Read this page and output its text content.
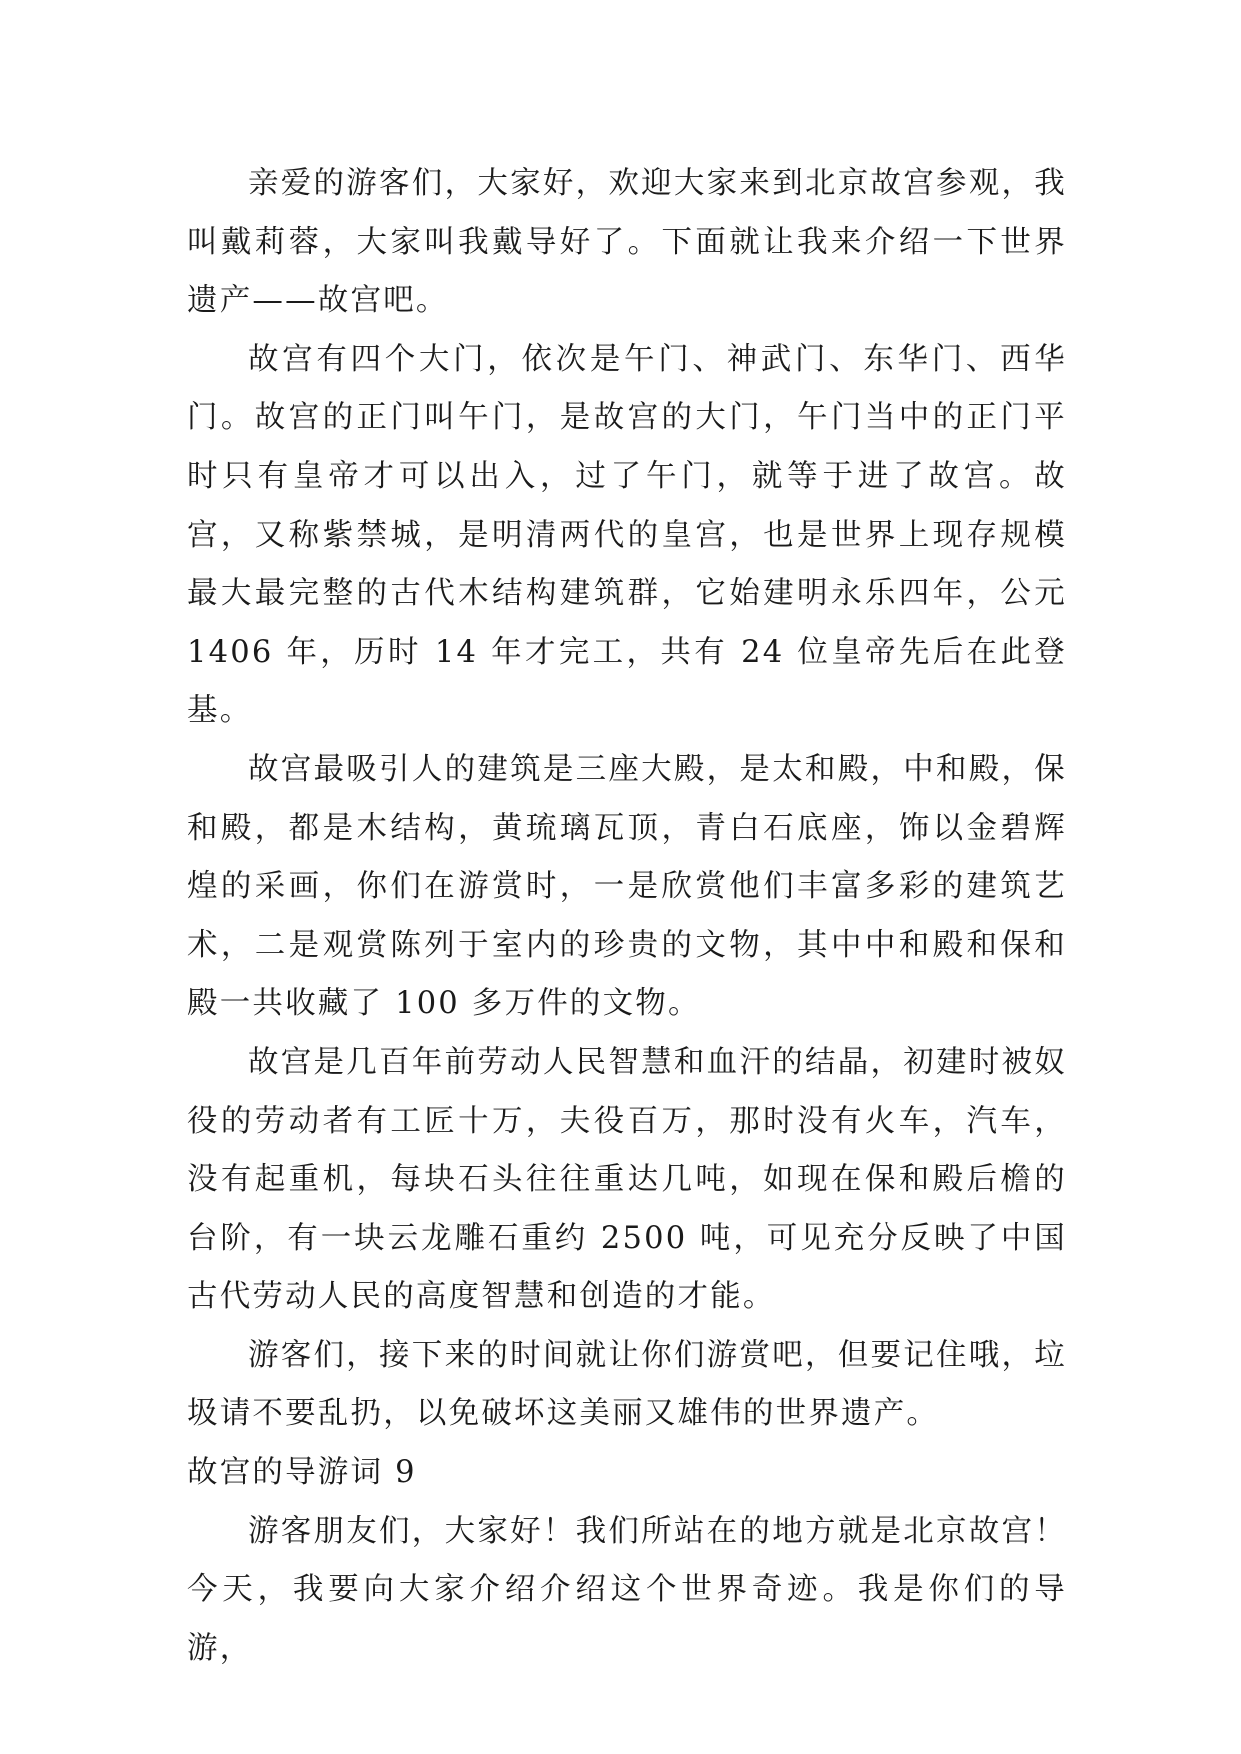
亲爱的游客们，大家好，欢迎大家来到北京故宫参观，我叫戴莉蓉，大家叫我戴导好了。下面就让我来介绍一下世界遗产——故宫吧。

故宫有四个大门，依次是午门、神武门、东华门、西华门。故宫的正门叫午门，是故宫的大门，午门当中的正门平时只有皇帝才可以出入，过了午门，就等于进了故宫。故宫，又称紫禁城，是明清两代的皇宫，也是世界上现存规模最大最完整的古代木结构建筑群，它始建明永乐四年，公元 1406 年，历时 14 年才完工，共有 24 位皇帝先后在此登基。

故宫最吸引人的建筑是三座大殿，是太和殿，中和殿，保和殿，都是木结构，黄琉璃瓦顶，青白石底座，饰以金碧辉煌的采画，你们在游赏时，一是欣赏他们丰富多彩的建筑艺术，二是观赏陈列于室内的珍贵的文物，其中中和殿和保和殿一共收藏了 100 多万件的文物。

故宫是几百年前劳动人民智慧和血汗的结晶，初建时被奴役的劳动者有工匠十万，夫役百万，那时没有火车，汽车，没有起重机，每块石头往往重达几吨，如现在保和殿后檐的台阶，有一块云龙雕石重约 2500 吨，可见充分反映了中国古代劳动人民的高度智慧和创造的才能。

游客们，接下来的时间就让你们游赏吧，但要记住哦，垃圾请不要乱扔，以免破坏这美丽又雄伟的世界遗产。

故宫的导游词 9

游客朋友们，大家好！我们所站在的地方就是北京故宫！今天，我要向大家介绍介绍这个世界奇迹。我是你们的导游，
